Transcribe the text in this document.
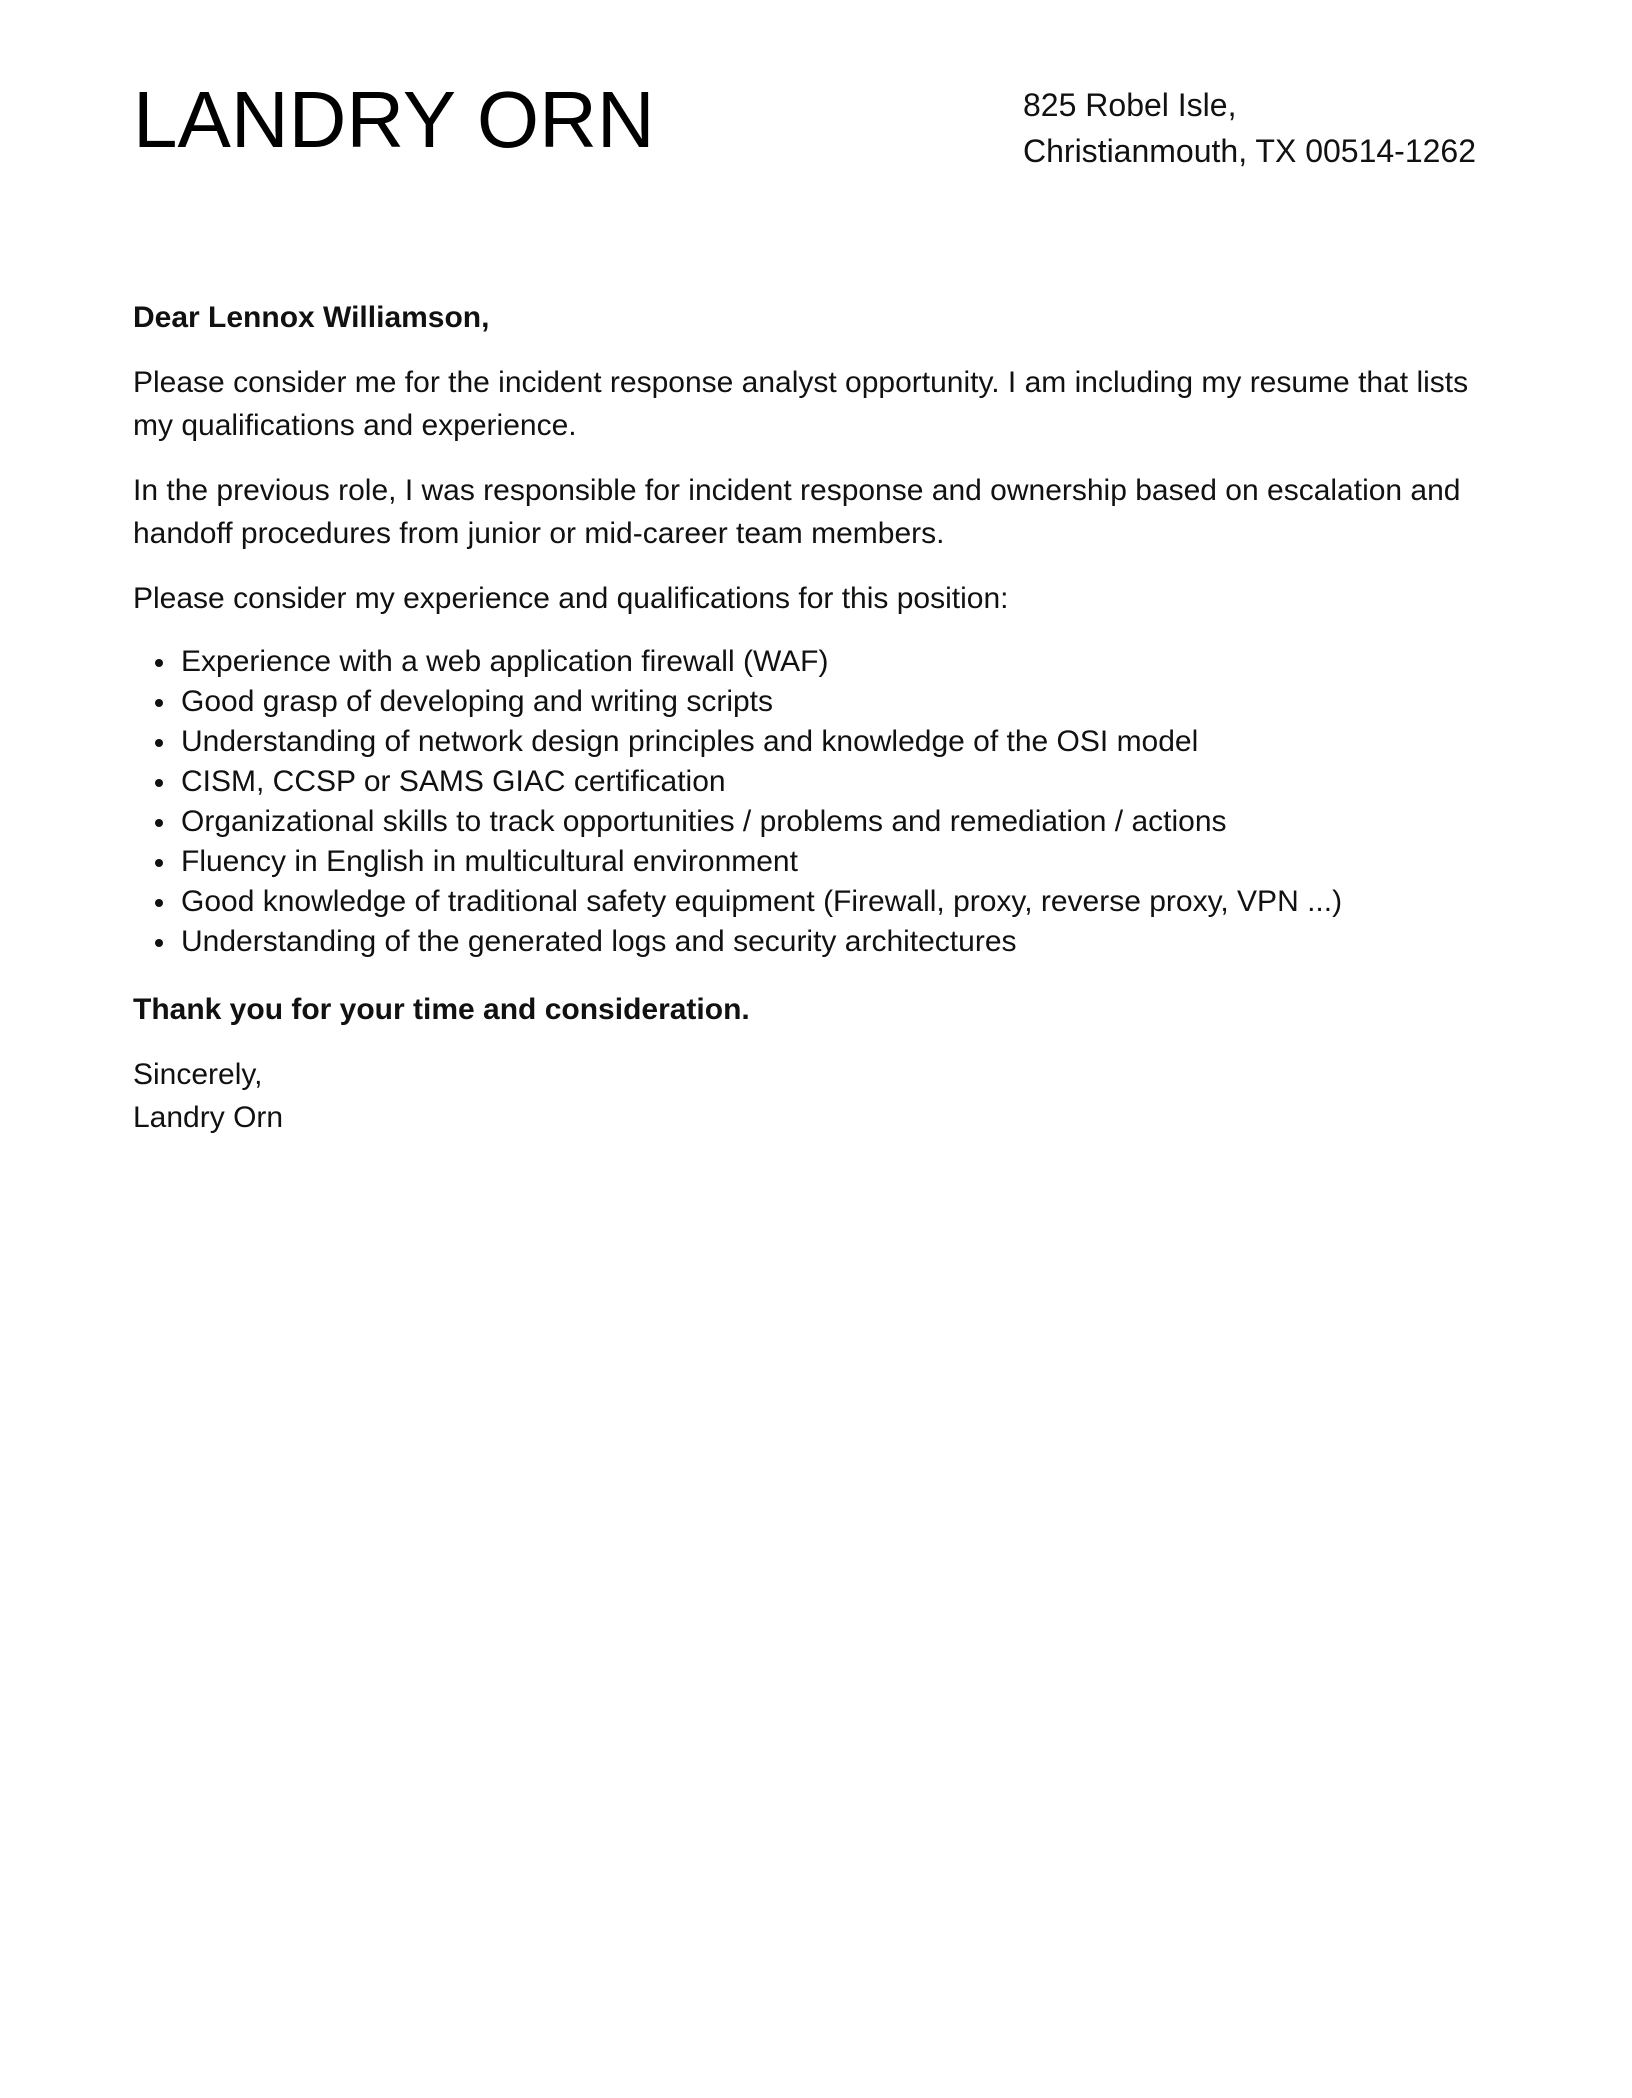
LANDRY ORN	825 Robel Isle,
Christianmouth, TX 00514-1262

Dear Lennox Williamson,

Please consider me for the incident response analyst opportunity. I am including my resume that lists my qualifications and experience.

In the previous role, I was responsible for incident response and ownership based on escalation and handoff procedures from junior or mid-career team members.

Please consider my experience and qualifications for this position:

Experience with a web application firewall (WAF)
Good grasp of developing and writing scripts
Understanding of network design principles and knowledge of the OSI model
CISM, CCSP or SAMS GIAC certification
Organizational skills to track opportunities / problems and remediation / actions
Fluency in English in multicultural environment
Good knowledge of traditional safety equipment (Firewall, proxy, reverse proxy, VPN ...)
Understanding of the generated logs and security architectures

Thank you for your time and consideration.

Sincerely,
Landry Orn
